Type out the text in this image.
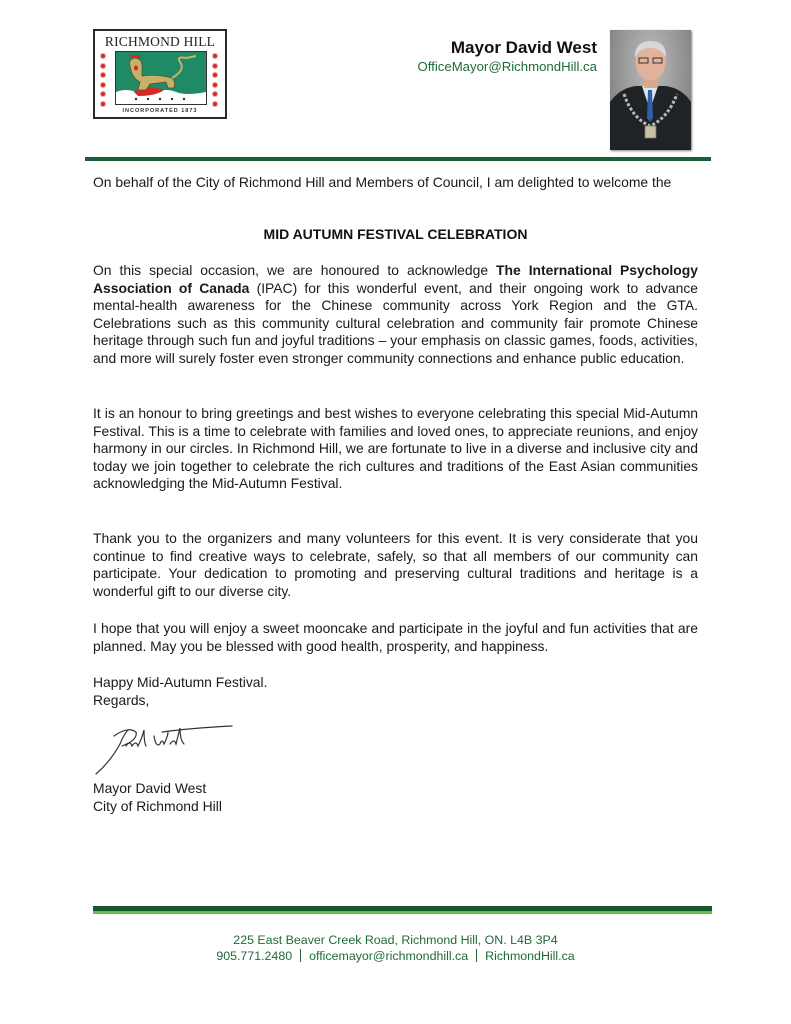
RICHMOND HILL
INCORPORATED 1873
Mayor David West
OfficeMayor@RichmondHill.ca
On behalf of the City of Richmond Hill and Members of Council, I am delighted to welcome the
MID AUTUMN FESTIVAL CELEBRATION
On this special occasion, we are honoured to acknowledge The International Psychology Association of Canada (IPAC) for this wonderful event, and their ongoing work to advance mental-health awareness for the Chinese community across York Region and the GTA. Celebrations such as this community cultural celebration and community fair promote Chinese heritage through such fun and joyful traditions – your emphasis on classic games, foods, activities, and more will surely foster even stronger community connections and enhance public education.
It is an honour to bring greetings and best wishes to everyone celebrating this special Mid-Autumn Festival. This is a time to celebrate with families and loved ones, to appreciate reunions, and enjoy harmony in our circles. In Richmond Hill, we are fortunate to live in a diverse and inclusive city and today we join together to celebrate the rich cultures and traditions of the East Asian communities acknowledging the Mid-Autumn Festival.
Thank you to the organizers and many volunteers for this event. It is very considerate that you continue to find creative ways to celebrate, safely, so that all members of our community can participate. Your dedication to promoting and preserving cultural traditions and heritage is a wonderful gift to our diverse city.
I hope that you will enjoy a sweet mooncake and participate in the joyful and fun activities that are planned. May you be blessed with good health, prosperity, and happiness.
Happy Mid-Autumn Festival.
Regards,
Mayor David West
City of Richmond Hill
225 East Beaver Creek Road, Richmond Hill, ON. L4B 3P4
905.771.2480 officemayor@richmondhill.ca RichmondHill.ca
